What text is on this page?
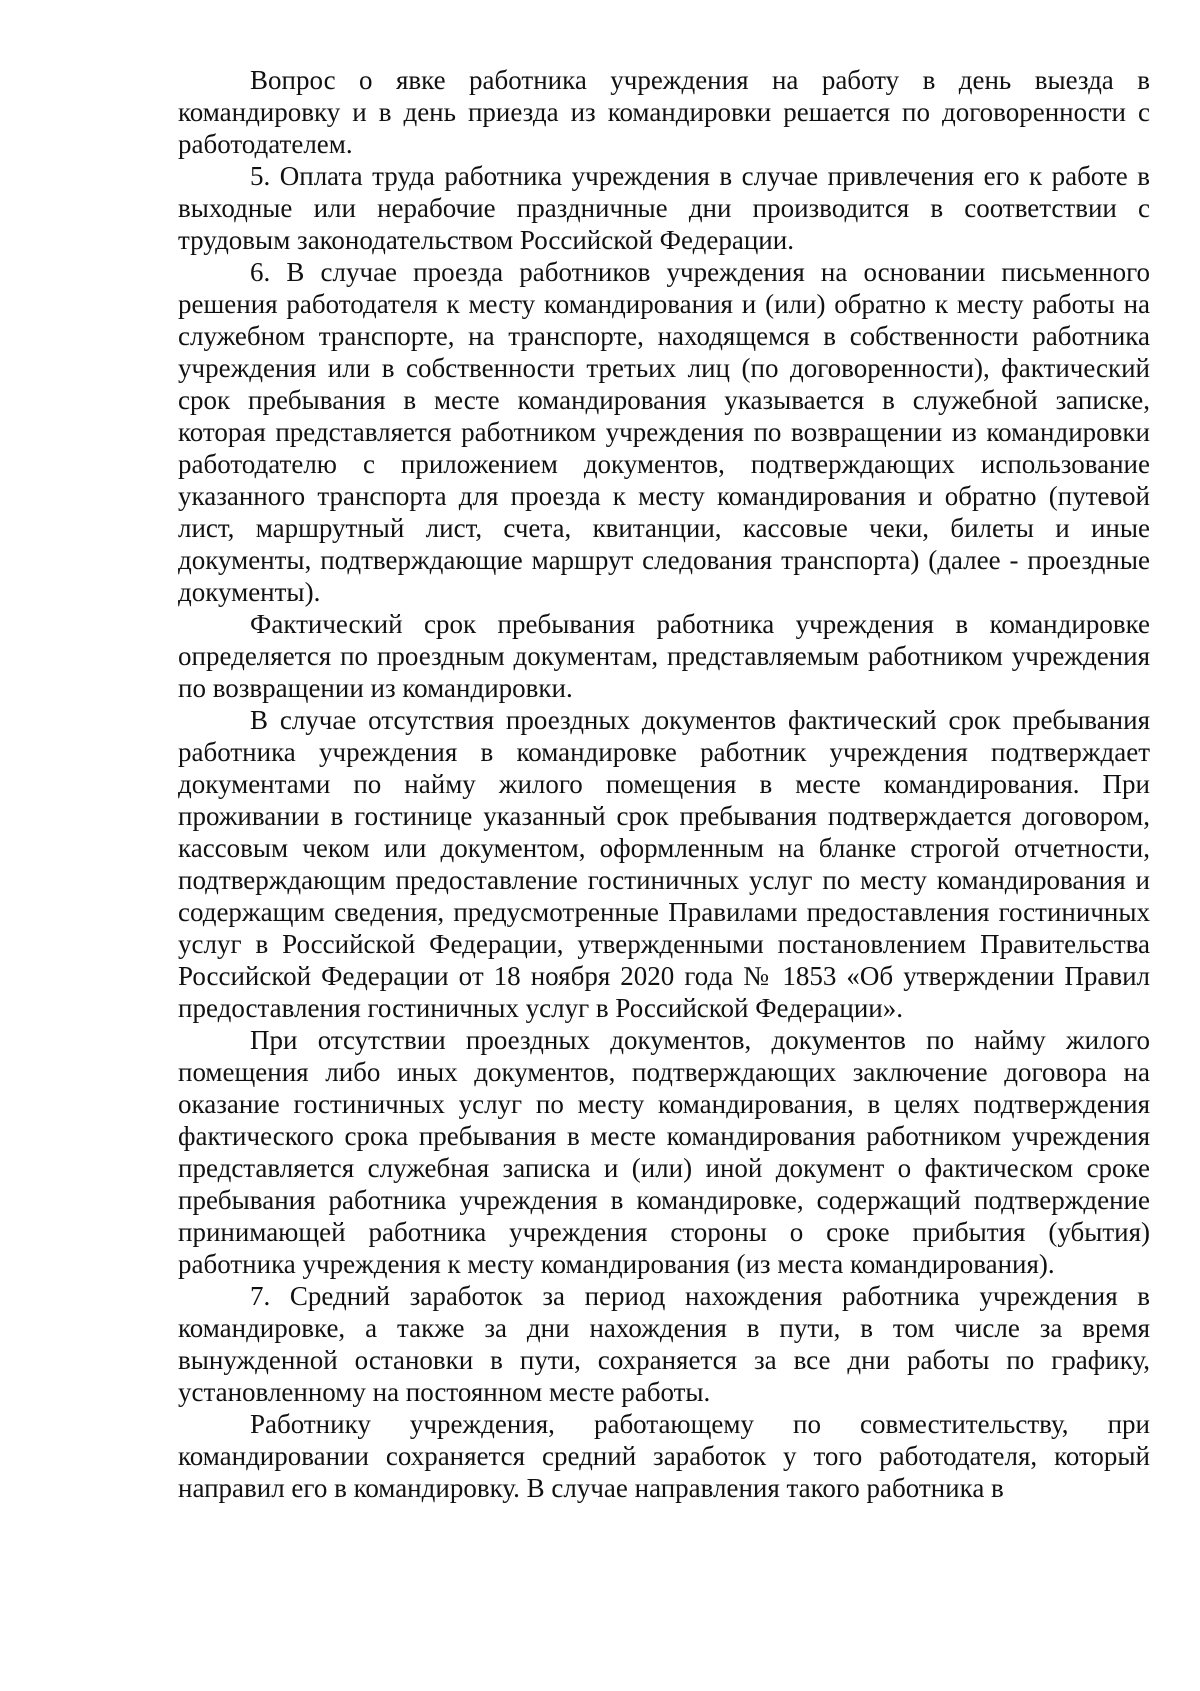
Вопрос о явке работника учреждения на работу в день выезда в командировку и в день приезда из командировки решается по договоренности с работодателем.

5. Оплата труда работника учреждения в случае привлечения его к работе в выходные или нерабочие праздничные дни производится в соответствии с трудовым законодательством Российской Федерации.

6. В случае проезда работников учреждения на основании письменного решения работодателя к месту командирования и (или) обратно к месту работы на служебном транспорте, на транспорте, находящемся в собственности работника учреждения или в собственности третьих лиц (по договоренности), фактический срок пребывания в месте командирования указывается в служебной записке, которая представляется работником учреждения по возвращении из командировки работодателю с приложением документов, подтверждающих использование указанного транспорта для проезда к месту командирования и обратно (путевой лист, маршрутный лист, счета, квитанции, кассовые чеки, билеты и иные документы, подтверждающие маршрут следования транспорта) (далее - проездные документы).

Фактический срок пребывания работника учреждения в командировке определяется по проездным документам, представляемым работником учреждения по возвращении из командировки.

В случае отсутствия проездных документов фактический срок пребывания работника учреждения в командировке работник учреждения подтверждает документами по найму жилого помещения в месте командирования. При проживании в гостинице указанный срок пребывания подтверждается договором, кассовым чеком или документом, оформленным на бланке строгой отчетности, подтверждающим предоставление гостиничных услуг по месту командирования и содержащим сведения, предусмотренные Правилами предоставления гостиничных услуг в Российской Федерации, утвержденными постановлением Правительства Российской Федерации от 18 ноября 2020 года № 1853 «Об утверждении Правил предоставления гостиничных услуг в Российской Федерации».

При отсутствии проездных документов, документов по найму жилого помещения либо иных документов, подтверждающих заключение договора на оказание гостиничных услуг по месту командирования, в целях подтверждения фактического срока пребывания в месте командирования работником учреждения представляется служебная записка и (или) иной документ о фактическом сроке пребывания работника учреждения в командировке, содержащий подтверждение принимающей работника учреждения стороны о сроке прибытия (убытия) работника учреждения к месту командирования (из места командирования).

7. Средний заработок за период нахождения работника учреждения в командировке, а также за дни нахождения в пути, в том числе за время вынужденной остановки в пути, сохраняется за все дни работы по графику, установленному на постоянном месте работы.

Работнику учреждения, работающему по совместительству, при командировании сохраняется средний заработок у того работодателя, который направил его в командировку. В случае направления такого работника в
